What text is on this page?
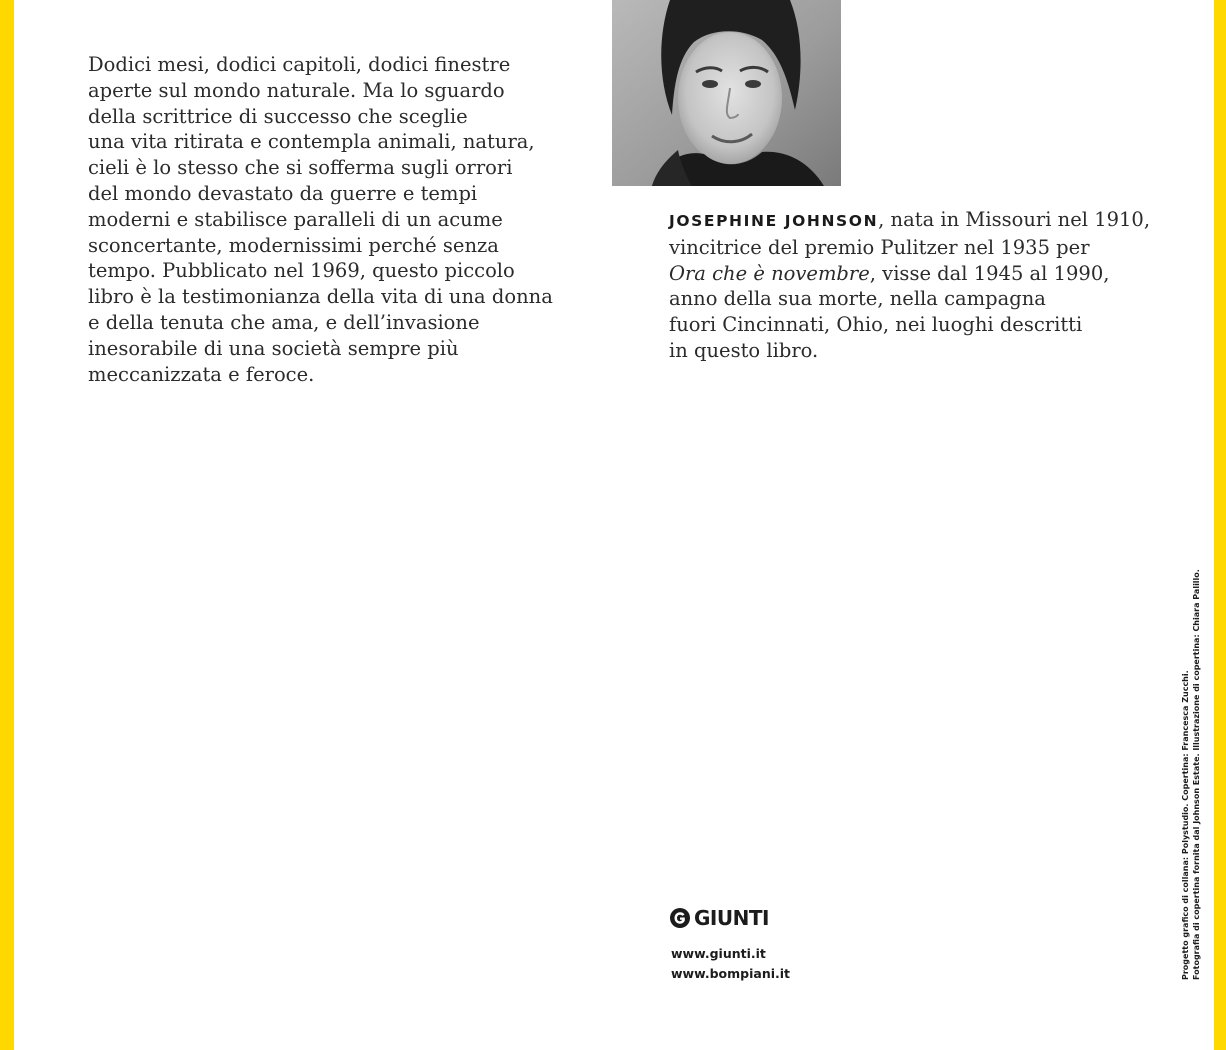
Dodici mesi, dodici capitoli, dodici finestre
aperte sul mondo naturale. Ma lo sguardo
della scrittrice di successo che sceglie
una vita ritirata e contempla animali, natura,
cieli è lo stesso che si sofferma sugli orrori
del mondo devastato da guerre e tempi
moderni e stabilisce paralleli di un acume
sconcertante, modernissimi perché senza
tempo. Pubblicato nel 1969, questo piccolo
libro è la testimonianza della vita di una donna
e della tenuta che ama, e dell’invasione
inesorabile di una società sempre più
meccanizzata e feroce.
JOSEPHINE JOHNSON, nata in Missouri nel 1910,
vincitrice del premio Pulitzer nel 1935 per
Ora che è novembre, visse dal 1945 al 1990,
anno della sua morte, nella campagna
fuori Cincinnati, Ohio, nei luoghi descritti
in questo libro.
GIUNTI
www.giunti.it
www.bompiani.it	Progetto grafico di collana: Polystudio. Copertina: Francesca Zucchi. Fotografia di copertina fornita dal Johnson Estate. Illustrazione di copertina: Chiara Palillo.
